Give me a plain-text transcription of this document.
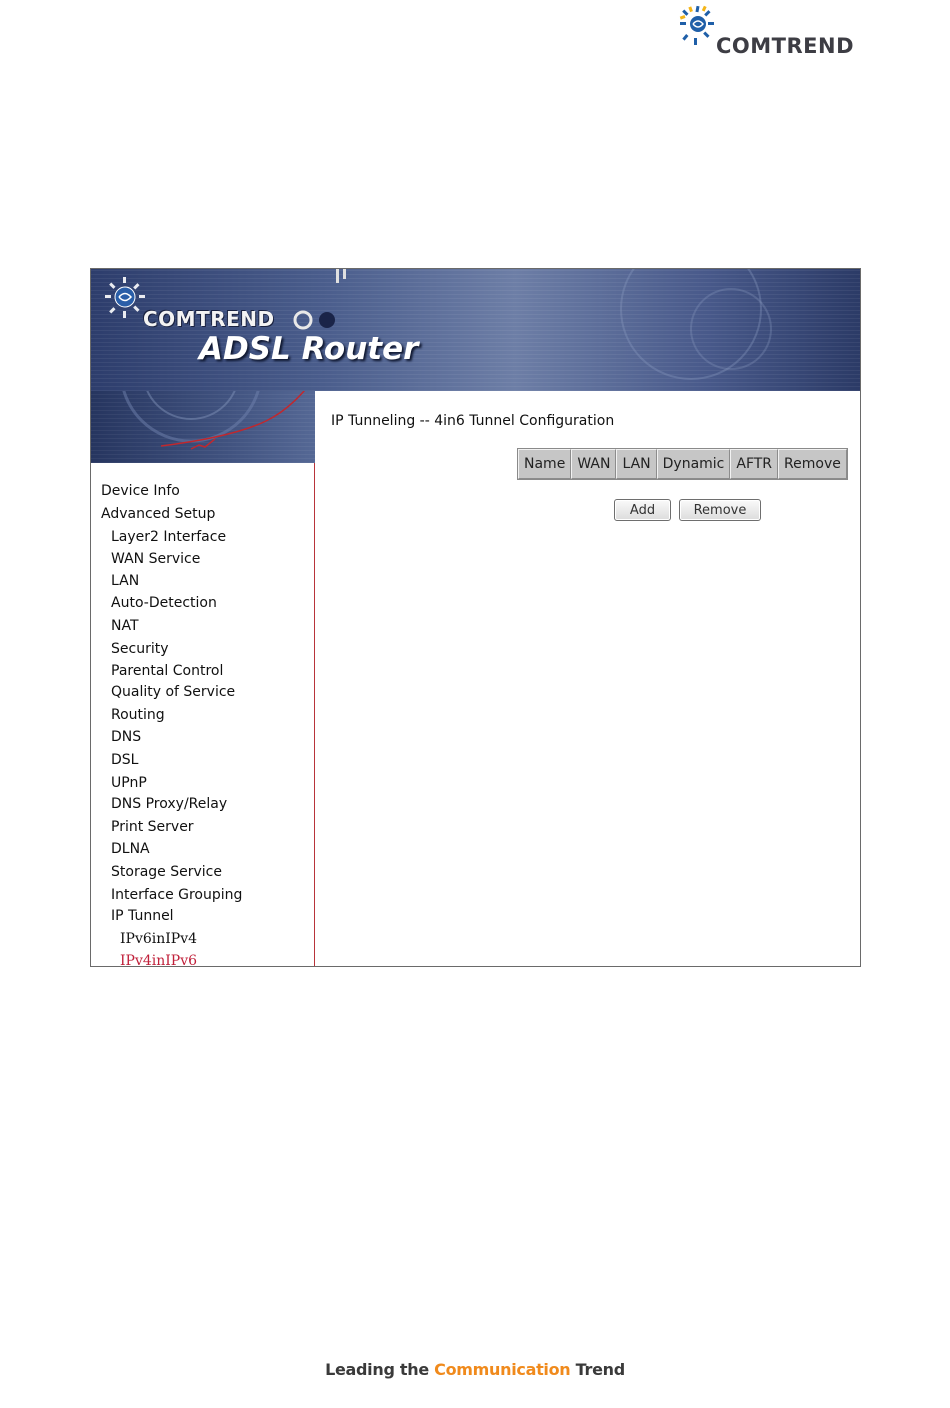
COMTREND
COMTREND
ADSL Router
Device Info
Advanced Setup
Layer2 Interface
WAN Service
LAN
Auto-Detection
NAT
Security
Parental Control
Quality of Service
Routing
DNS
DSL
UPnP
DNS Proxy/Relay
Print Server
DLNA
Storage Service
Interface Grouping
IP Tunnel
IPv6inIPv4
IPv4inIPv6
IP Tunneling -- 4in6 Tunnel Configuration
Name	WAN	LAN	Dynamic	AFTR	Remove
Add	Remove
Leading the Communication Trend
